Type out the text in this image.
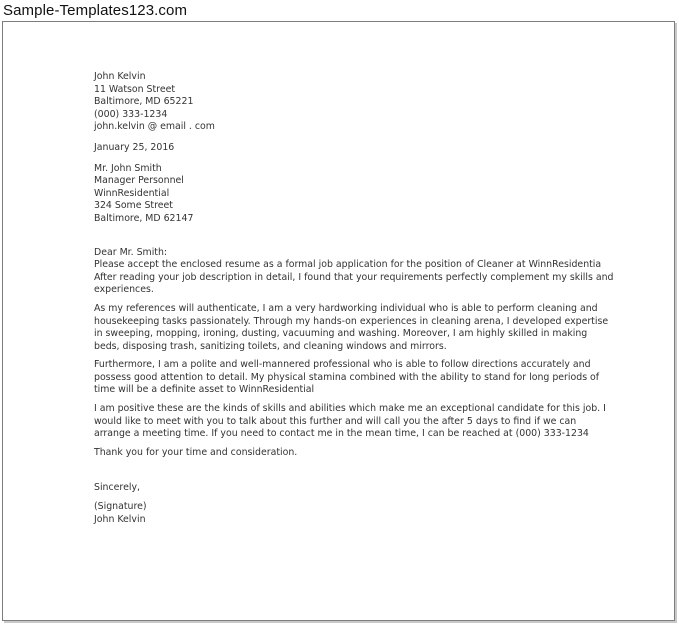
Sample-Templates123.com
John Kelvin
11 Watson Street
Baltimore, MD 65221
(000) 333-1234
john.kelvin @ email . com
January 25, 2016
Mr. John Smith
Manager Personnel
WinnResidential
324 Some Street
Baltimore, MD 62147
Dear Mr. Smith:
Please accept the enclosed resume as a formal job application for the position of Cleaner at WinnResidentia
After reading your job description in detail, I found that your requirements perfectly complement my skills and
experiences.
As my references will authenticate, I am a very hardworking individual who is able to perform cleaning and
housekeeping tasks passionately. Through my hands-on experiences in cleaning arena, I developed expertise
in sweeping, mopping, ironing, dusting, vacuuming and washing. Moreover, I am highly skilled in making
beds, disposing trash, sanitizing toilets, and cleaning windows and mirrors.
Furthermore, I am a polite and well-mannered professional who is able to follow directions accurately and
possess good attention to detail. My physical stamina combined with the ability to stand for long periods of
time will be a definite asset to WinnResidential
I am positive these are the kinds of skills and abilities which make me an exceptional candidate for this job. I
would like to meet with you to talk about this further and will call you the after 5 days to find if we can
arrange a meeting time. If you need to contact me in the mean time, I can be reached at (000) 333-1234
Thank you for your time and consideration.
Sincerely,
(Signature)
John Kelvin
